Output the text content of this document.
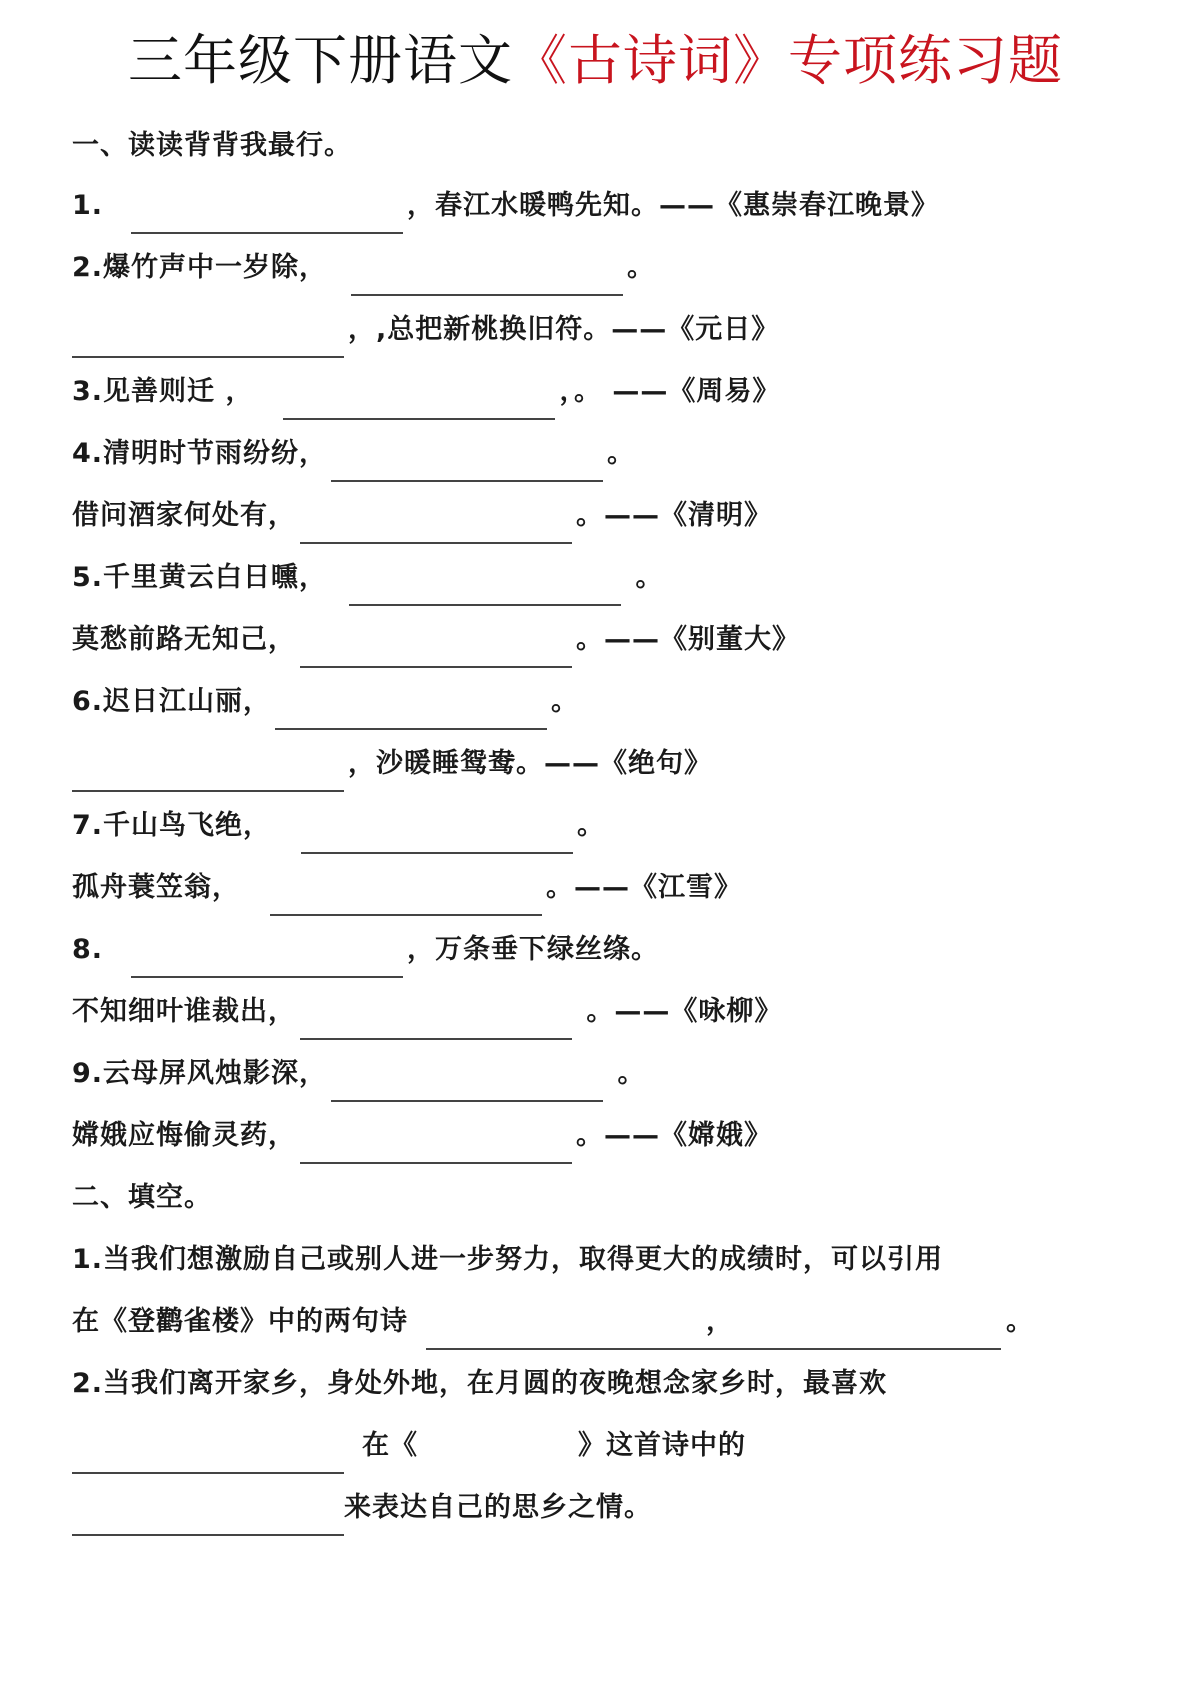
三年级下册语文《古诗词》专项练习题
一、读读背背我最行。
1.	，春江水暖鸭先知。——《惠崇春江晚景》
2.爆竹声中一岁除，	。
，,总把新桃换旧符。——《元日》
3.见善则迁 ，	，。 ——《周易》
4.清明时节雨纷纷，	。
借问酒家何处有，	。——《清明》
5.千里黄云白日曛，	。
莫愁前路无知己，	。——《别董大》
6.迟日江山丽，	。
，沙暖睡鸳鸯。——《绝句》
7.千山鸟飞绝，	。
孤舟蓑笠翁，	。——《江雪》
8.	，万条垂下绿丝绦。
不知细叶谁裁出，	。——《咏柳》
9.云母屏风烛影深，	。
嫦娥应悔偷灵药，	。——《嫦娥》
二、填空。
1.当我们想激励自己或别人进一步努力，取得更大的成绩时，可以引用
在《登鹳雀楼》中的两句诗	，	。
2.当我们离开家乡，身处外地，在月圆的夜晚想念家乡时，最喜欢
在《	》这首诗中的
来表达自己的思乡之情。
